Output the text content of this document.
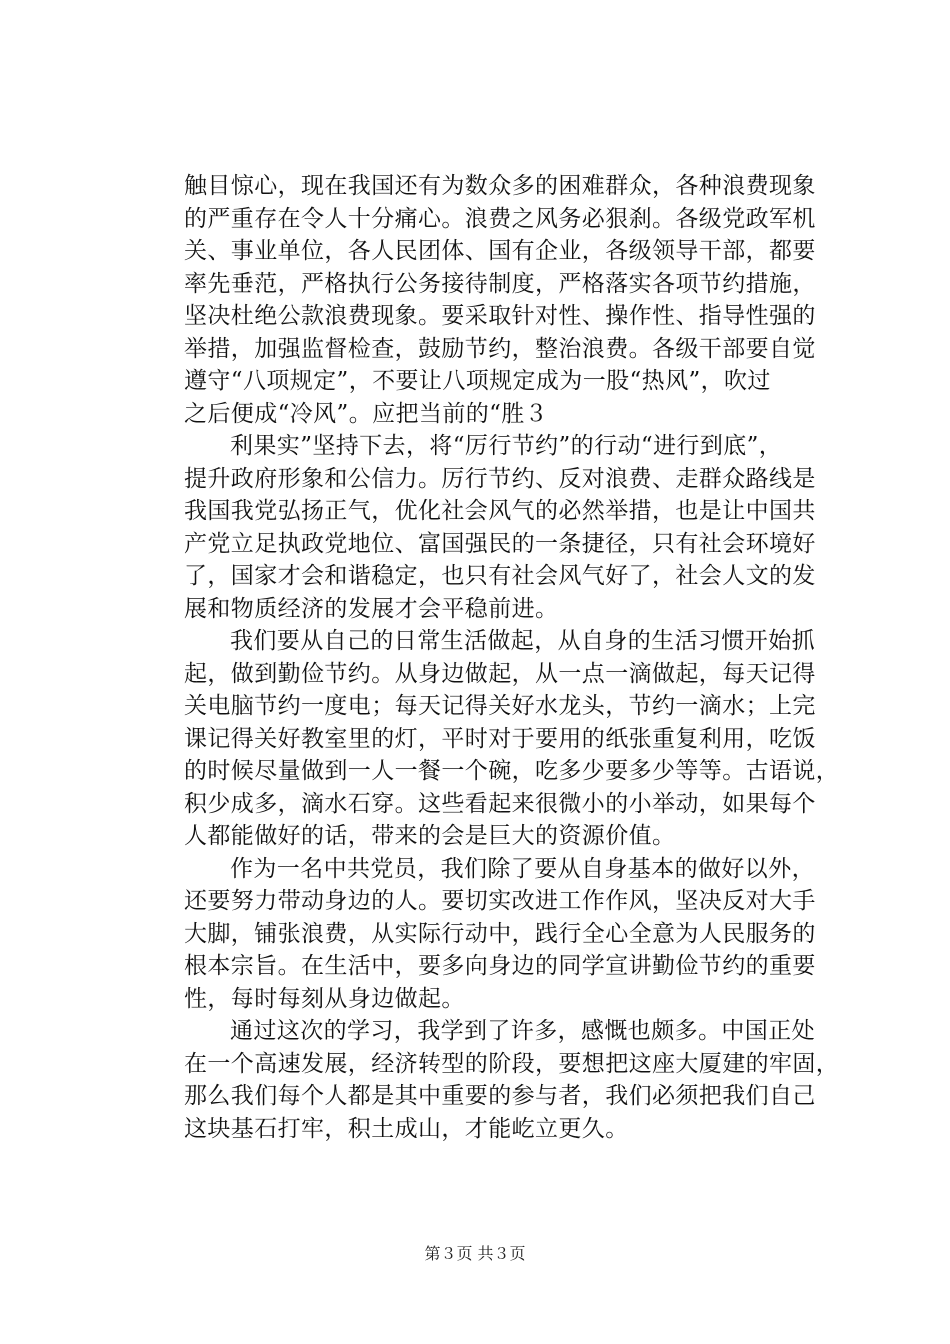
触目惊心，现在我国还有为数众多的困难群众，各种浪费现象
的严重存在令人十分痛心。浪费之风务必狠刹。各级党政军机
关、事业单位，各人民团体、国有企业，各级领导干部，都要
率先垂范，严格执行公务接待制度，严格落实各项节约措施，
坚决杜绝公款浪费现象。要采取针对性、操作性、指导性强的
举措，加强监督检查，鼓励节约，整治浪费。各级干部要自觉
遵守“八项规定”，不要让八项规定成为一股“热风”，吹过
之后便成“冷风”。应把当前的“胜３
利果实”坚持下去，将“厉行节约”的行动“进行到底”，
提升政府形象和公信力。厉行节约、反对浪费、走群众路线是
我国我党弘扬正气，优化社会风气的必然举措，也是让中国共
产党立足执政党地位、富国强民的一条捷径，只有社会环境好
了，国家才会和谐稳定，也只有社会风气好了，社会人文的发
展和物质经济的发展才会平稳前进。
我们要从自己的日常生活做起，从自身的生活习惯开始抓
起，做到勤俭节约。从身边做起，从一点一滴做起，每天记得
关电脑节约一度电；每天记得关好水龙头，节约一滴水；上完
课记得关好教室里的灯，平时对于要用的纸张重复利用，吃饭
的时候尽量做到一人一餐一个碗，吃多少要多少等等。古语说，
积少成多，滴水石穿。这些看起来很微小的小举动，如果每个
人都能做好的话，带来的会是巨大的资源价值。
作为一名中共党员，我们除了要从自身基本的做好以外，
还要努力带动身边的人。要切实改进工作作风，坚决反对大手
大脚，铺张浪费，从实际行动中，践行全心全意为人民服务的
根本宗旨。在生活中，要多向身边的同学宣讲勤俭节约的重要
性，每时每刻从身边做起。
通过这次的学习，我学到了许多，感慨也颇多。中国正处
在一个高速发展，经济转型的阶段，要想把这座大厦建的牢固，
那么我们每个人都是其中重要的参与者，我们必须把我们自己
这块基石打牢，积土成山，才能屹立更久。
第３页 共３页
